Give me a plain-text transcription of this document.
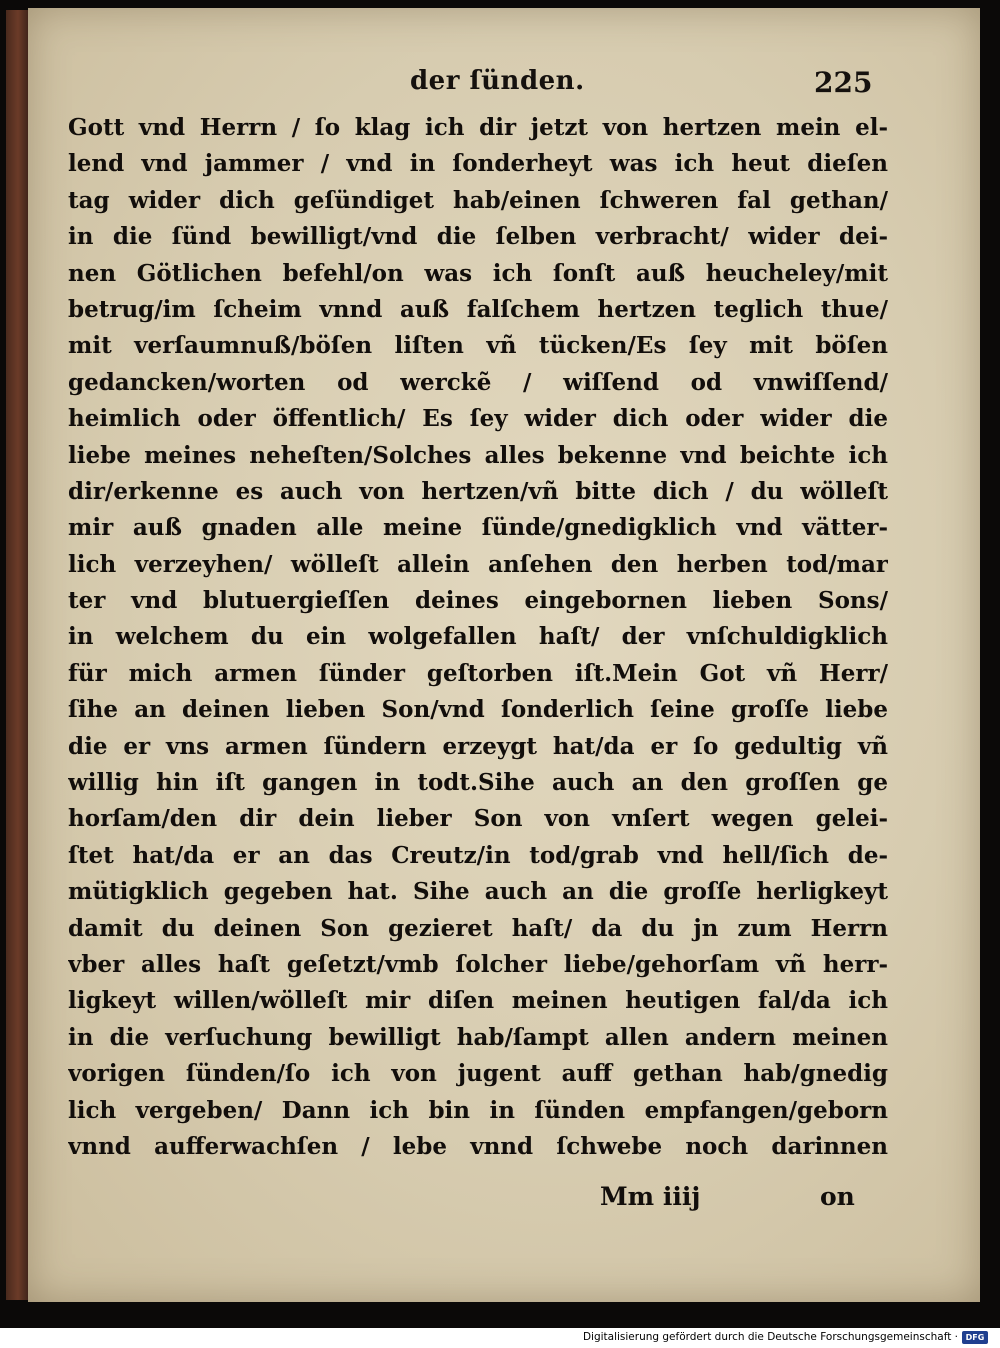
der ſünden.	225
Gott vnd Herrn / ſo klag ich dir jetzt von hertzen mein el-
lend vnd jammer / vnd in ſonderheyt was ich heut dieſen
tag wider dich geſündiget hab/einen ſchweren fal gethan/
in die ſünd bewilligt/vnd die ſelben verbracht/ wider dei-
nen Götlichen befehl/on was ich ſonſt auß heucheley/mit
betrug/im ſcheim vnnd auß falſchem hertzen teglich thue/
mit verſaumnuß/böſen liſten vñ tücken/Es ſey mit böſen
gedancken/worten od werckẽ / wiſſend od vnwiſſend/
heimlich oder öffentlich/ Es ſey wider dich oder wider die
liebe meines neheſten/Solches alles bekenne vnd beichte ich
dir/erkenne es auch von hertzen/vñ bitte dich / du wölleſt
mir auß gnaden alle meine ſünde/gnedigklich vnd vätter-
lich verzeyhen/ wölleſt allein anſehen den herben tod/mar
ter vnd blutuergieſſen deines eingebornen lieben Sons/
in welchem du ein wolgefallen haſt/ der vnſchuldigklich
für mich armen ſünder geſtorben iſt.Mein Got vñ Herr/
ſihe an deinen lieben Son/vnd ſonderlich ſeine groſſe liebe
die er vns armen ſündern erzeygt hat/da er ſo gedultig vñ
willig hin iſt gangen in todt.Sihe auch an den groſſen ge
horſam/den dir dein lieber Son von vnſert wegen gelei-
ſtet hat/da er an das Creutz/in tod/grab vnd hell/ſich de-
mütigklich gegeben hat. Sihe auch an die groſſe herligkeyt
damit du deinen Son gezieret haſt/ da du jn zum Herrn
vber alles haſt geſetzt/vmb ſolcher liebe/gehorſam vñ herr-
ligkeyt willen/wölleſt mir diſen meinen heutigen fal/da ich
in die verſuchung bewilligt hab/ſampt allen andern meinen
vorigen ſünden/ſo ich von jugent auff gethan hab/gnedig
lich vergeben/ Dann ich bin in ſünden empfangen/geborn
vnnd aufferwachſen / lebe vnnd ſchwebe noch darinnen
Mm iiij	on
Digitalisierung gefördert durch die Deutsche Forschungsgemeinschaft · DFG
